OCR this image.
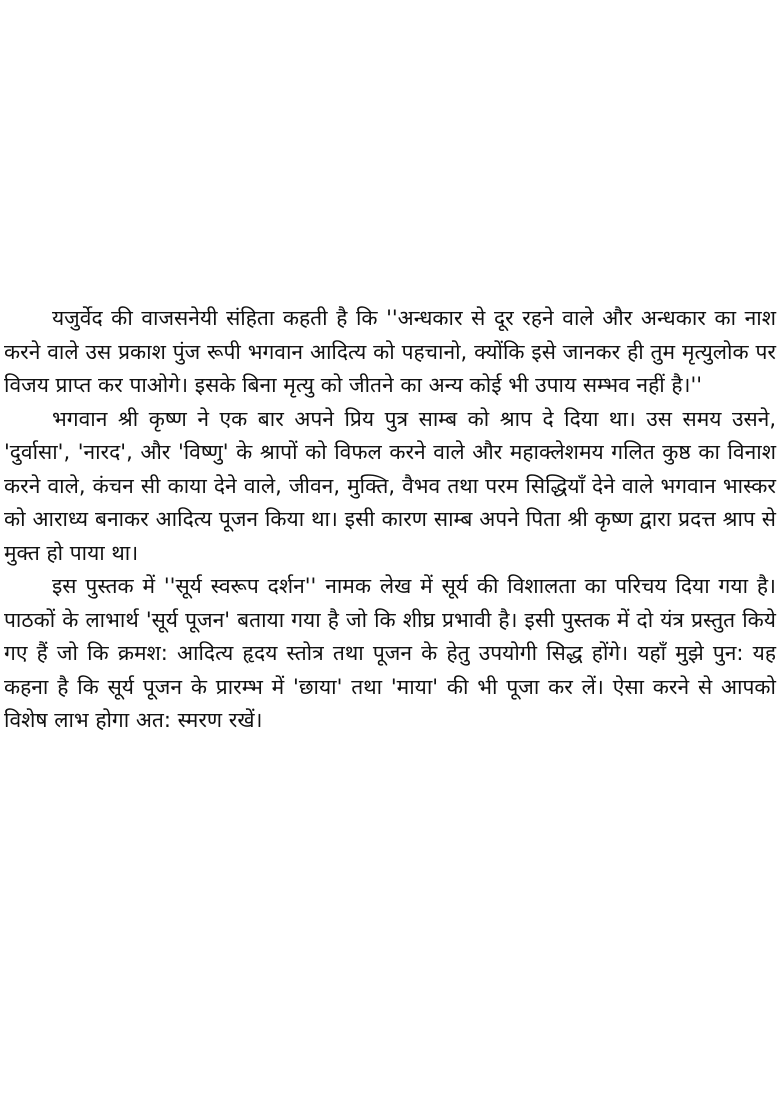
यजुर्वेद की वाजसनेयी संहिता कहती है कि ''अन्धकार से दूर रहने वाले और अन्धकार का नाश करने वाले उस प्रकाश पुंज रूपी भगवान आदित्य को पहचानो, क्योंकि इसे जानकर ही तुम मृत्युलोक पर विजय प्राप्त कर पाओगे। इसके बिना मृत्यु को जीतने का अन्य कोई भी उपाय सम्भव नहीं है।''

भगवान श्री कृष्ण ने एक बार अपने प्रिय पुत्र साम्ब को श्राप दे दिया था। उस समय उसने, 'दुर्वासा', 'नारद', और 'विष्णु' के श्रापों को विफल करने वाले और महाक्लेशमय गलित कुष्ठ का विनाश करने वाले, कंचन सी काया देने वाले, जीवन, मुक्ति, वैभव तथा परम सिद्धियाँ देने वाले भगवान भास्कर को आराध्य बनाकर आदित्य पूजन किया था। इसी कारण साम्ब अपने पिता श्री कृष्ण द्वारा प्रदत्त श्राप से मुक्त हो पाया था।

इस पुस्तक में ''सूर्य स्वरूप दर्शन'' नामक लेख में सूर्य की विशालता का परिचय दिया गया है। पाठकों के लाभार्थ 'सूर्य पूजन' बताया गया है जो कि शीघ्र प्रभावी है। इसी पुस्तक में दो यंत्र प्रस्तुत किये गए हैं जो कि क्रमश: आदित्य हृदय स्तोत्र तथा पूजन के हेतु उपयोगी सिद्ध होंगे। यहाँ मुझे पुन: यह कहना है कि सूर्य पूजन के प्रारम्भ में 'छाया' तथा 'माया' की भी पूजा कर लें। ऐसा करने से आपको विशेष लाभ होगा अत: स्मरण रखें।
